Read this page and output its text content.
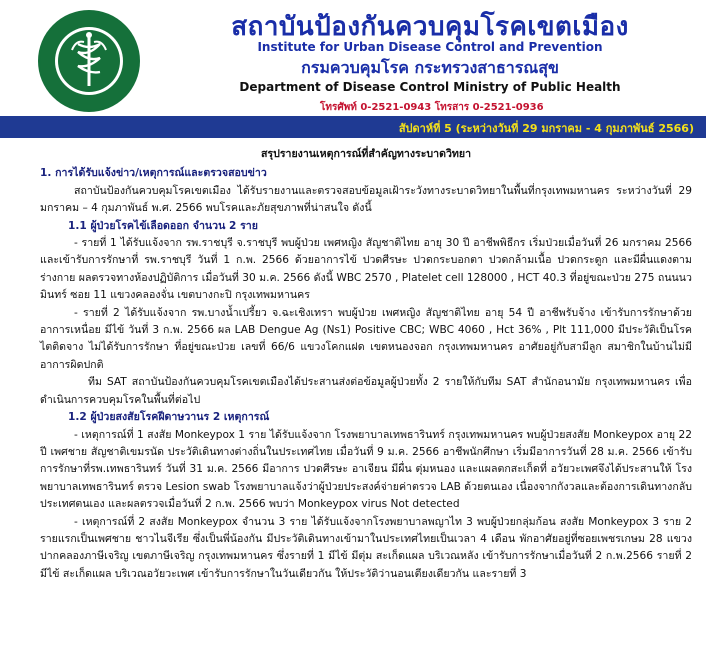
สถาบันป้องกันควบคุมโรคเขตเมือง
Institute for Urban Disease Control and Prevention
กรมควบคุมโรค กระทรวงสาธารณสุข
Department of Disease Control Ministry of Public Health
โทรศัพท์ 0-2521-0943 โทรสาร 0-2521-0936
สัปดาห์ที่ 5 (ระหว่างวันที่ 29 มกราคม - 4 กุมภาพันธ์ 2566)

สรุปรายงานเหตุการณ์ที่สำคัญทางระบาดวิทยา

1. การได้รับแจ้งข่าว/เหตุการณ์และตรวจสอบข่าว

สถาบันป้องกันควบคุมโรคเขตเมือง ได้รับรายงานและตรวจสอบข้อมูลเฝ้าระวังทางระบาดวิทยาในพื้นที่กรุงเทพมหานคร ระหว่างวันที่ 29 มกราคม – 4 กุมภาพันธ์ พ.ศ. 2566 พบโรคและภัยสุขภาพที่น่าสนใจ ดังนี้

1.1 ผู้ป่วยโรคไข้เลือดออก จำนวน 2 ราย

- รายที่ 1 ได้รับแจ้งจาก รพ.ราชบุรี จ.ราชบุรี พบผู้ป่วย เพศหญิง สัญชาติไทย อายุ 30 ปี อาชีพพิธีกร เริ่มป่วยเมื่อวันที่ 26 มกราคม 2566 และเข้ารับการรักษาที่ รพ.ราชบุรี วันที่ 1 ก.พ. 2566 ด้วยอาการไข้ ปวดศีรษะ ปวดกระบอกตา ปวดกล้ามเนื้อ ปวดกระดูก และมีผื่นแดงตามร่างกาย ผลตรวจทางห้องปฏิบัติการ เมื่อวันที่ 30 ม.ค. 2566 ดังนี้ WBC 2570 , Platelet cell 128000 , HCT 40.3 ที่อยู่ขณะป่วย 275 ถนนนวมินทร์ ซอย 11 แขวงคลองจั่น เขตบางกะปิ กรุงเทพมหานคร

- รายที่ 2 ได้รับแจ้งจาก รพ.บางน้ำเปรี้ยว จ.ฉะเชิงเทรา พบผู้ป่วย เพศหญิง สัญชาติไทย อายุ 54 ปี อาชีพรับจ้าง เข้ารับการรักษาด้วยอาการเหนื่อย มีไข้ วันที่ 3 ก.พ. 2566 ผล LAB Dengue Ag (Ns1) Positive CBC; WBC 4060 , Hct 36% , Plt 111,000 มีประวัติเป็นโรคไตติดจาง ไม่ได้รับการรักษา ที่อยู่ขณะป่วย เลขที่ 66/6 แขวงโคกแฝด เขตหนองจอก กรุงเทพมหานคร อาศัยอยู่กับสามีลูก สมาชิกในบ้านไม่มีอาการผิดปกติ

ทีม SAT สถาบันป้องกันควบคุมโรคเขตเมืองได้ประสานส่งต่อข้อมูลผู้ป่วยทั้ง 2 รายให้กับทีม SAT สำนักอนามัย กรุงเทพมหานคร เพื่อดำเนินการควบคุมโรคในพื้นที่ต่อไป

1.2 ผู้ป่วยสงสัยโรคฝีดาษวานร 2 เหตุการณ์

- เหตุการณ์ที่ 1 สงสัย Monkeypox 1 ราย ได้รับแจ้งจาก โรงพยาบาลเทพธารินทร์ กรุงเทพมหานคร พบผู้ป่วยสงสัย Monkeypox อายุ 22 ปี เพศชาย สัญชาติเขมรนัด ประวัติเดินทางต่างถิ่นในประเทศไทย เมื่อวันที่ 9 ม.ค. 2566 อาชีพนักศึกษา เริ่มมีอาการวันที่ 28 ม.ค. 2566 เข้ารับการรักษาที่รพ.เทพธารินทร์ วันที่ 31 ม.ค. 2566 มีอาการ ปวดศีรษะ อาเจียน มีผื่น ตุ่มหนอง และแผลตกสะเก็ดที่ อวัยวะเพศจึงได้ประสานให้ โรงพยาบาลเทพธารินทร์ ตรวจ Lesion swab โรงพยาบาลแจ้งว่าผู้ป่วยประสงค์จ่ายค่าตรวจ LAB ด้วยตนเอง เนื่องจากกังวลและต้องการเดินทางกลับประเทศตนเอง และผลตรวจเมื่อวันที่ 2 ก.พ. 2566 พบว่า Monkeypox virus Not detected

- เหตุการณ์ที่ 2 สงสัย Monkeypox จำนวน 3 ราย ได้รับแจ้งจากโรงพยาบาลพญาไท 3 พบผู้ป่วยกลุ่มก้อน สงสัย Monkeypox 3 ราย 2 รายแรกเป็นเพศชาย ชาวไนจีเรีย ซึ่งเป็นพี่น้องกัน มีประวัติเดินทางเข้ามาในประเทศไทยเป็นเวลา 4 เดือน พักอาศัยอยู่ที่ซอยเพชรเกษม 28 แขวงปากคลองภาษีเจริญ เขตภาษีเจริญ กรุงเทพมหานคร ซึ่งรายที่ 1 มีไข้ มีตุ่ม สะเก็ดแผล บริเวณหลัง เข้ารับการรักษาเมื่อวันที่ 2 ก.พ.2566 รายที่ 2 มีไข้ สะเก็ดแผล บริเวณอวัยวะเพศ เข้ารับการรักษาในวันเดียวกัน ให้ประวัติว่านอนเตียงเดียวกัน และรายที่ 3
